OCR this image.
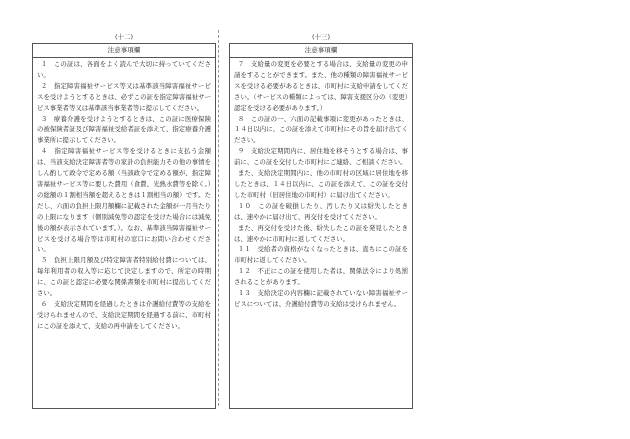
(十二)
注意事項欄

１　この証は、各面をよく読んで大切に持っていてください。

２　指定障害福祉サービス等又は基準該当障害福祉サービスを受けようとするときは、必ずこの証を指定障害福祉サービス事業者等又は基準該当事業者等に提示してください。

３　療養介護を受けようとするときは、この証に医療保険の被保険者証及び障害福祉受給者証を添えて、指定療養介護事業所に提示してください。

４　指定障害福祉サービス等を受けるときに支払う金額は、当該支給決定障害者等の家計の負担能力その他の事情をしん酌して政令で定める額（当該政令で定める額が、指定障害福祉サービス等に要した費用（食費、光熱水費等を除く。）の総額の１割相当額を超えるときは１割相当の額）です。ただし、六面の負担上限月額欄に記載された金額が一月当たりの上限になります（個別減免等の認定を受けた場合には減免後の額が表示されています。）。なお、基準該当障害福祉サービスを受ける場合等は市町村の窓口にお問い合わせください。

５　負担上限月額及び特定障害者特別給付費については、毎年利用者の収入等に応じて決定しますので、所定の時期に、この証と認定に必要な関係書類を市町村に提出してください。

６　支給決定期間を経過したときは介護給付費等の支給を受けられませんので、支給決定期間を経過する前に、市町村にこの証を添えて、支給の再申請をしてください。

(十三)
注意事項欄

７　支給量の変更を必要とする場合は、支給量の変更の申請をすることができます。また、他の種類の障害福祉サービスを受ける必要があるときは、市町村に支給申請をしてください。（サービスの種類によっては、障害支援区分の（変更）認定を受ける必要があります。）

８　この証の一、六面の記載事項に変更があったときは、１４日以内に、この証を添えて市町村にその旨を届け出てください。

９　支給決定期間内に、居住地を移そうとする場合は、事前に、この証を交付した市町村にご連絡、ご相談ください。

また、支給決定期間内に、他の市町村の区域に居住地を移したときは、１４日以内に、この証を添えて、この証を交付した市町村（旧居住地の市町村）に届け出てください。

１０　この証を破損したり、汚したり又は紛失したときは、速やかに届け出て、再交付を受けてください。

また、再交付を受けた後、紛失したこの証を発見したときは、速やかに市町村に返してください。

１１　受給者の資格がなくなったときは、直ちにこの証を市町村に返してください。

１２　不正にこの証を使用した者は、関係法令により処罰されることがあります。

１３　支給決定の内容欄に記載されていない障害福祉サービスについては、介護給付費等の支給は受けられません。
